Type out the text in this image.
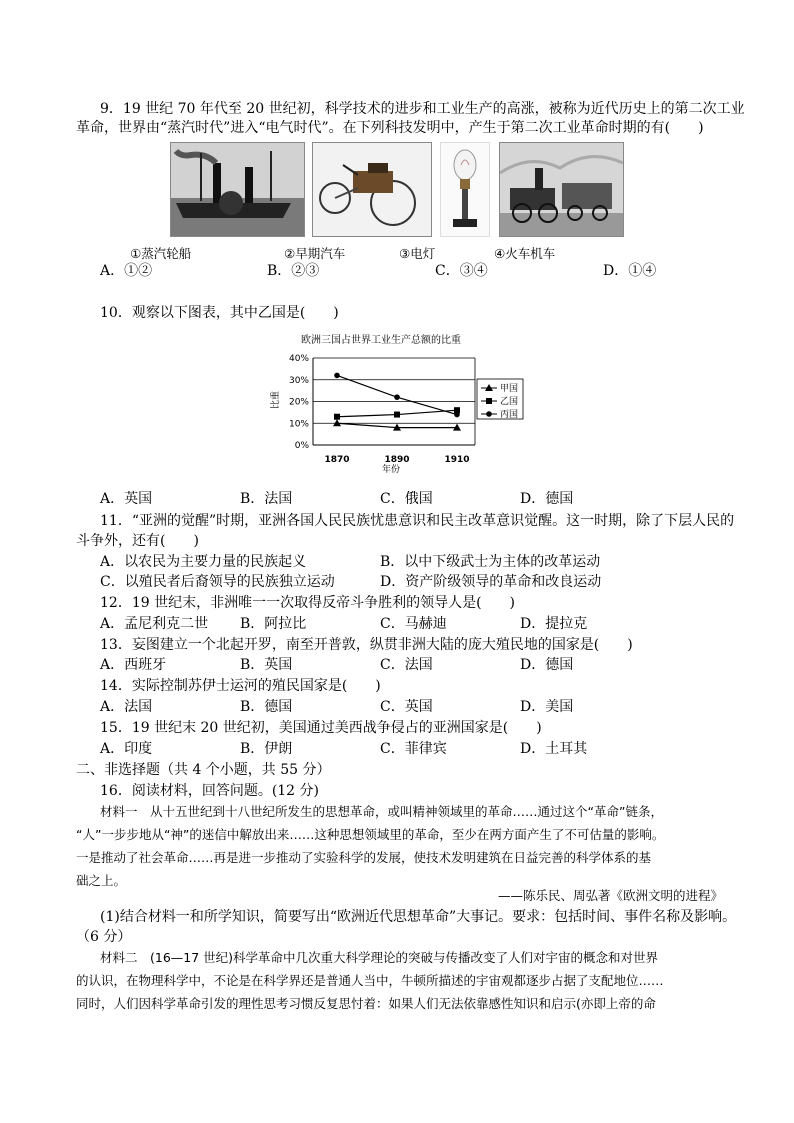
9．19 世纪 70 年代至 20 世纪初，科学技术的进步和工业生产的高涨，被称为近代历史上的第二次工业
革命，世界由“蒸汽时代”进入“电气时代”。在下列科技发明中，产生于第二次工业革命时期的有(　　)
①蒸汽轮船	②早期汽车	③电灯	④火车机车
A．①②	B．②③	C．③④	D．①④
10．观察以下图表，其中乙国是(　　)
欧洲三国占世界工业生产总额的比重
比重
0%
10%
20%
30%
40%
1870	1890	1910
甲国
乙国
丙国
年份
A．英国	B．法国	C．俄国	D．德国
11．“亚洲的觉醒”时期，亚洲各国人民民族忧患意识和民主改革意识觉醒。这一时期，除了下层人民的
斗争外，还有(　　)
A．以农民为主要力量的民族起义	B．以中下级武士为主体的改革运动
C．以殖民者后裔领导的民族独立运动	D．资产阶级领导的革命和改良运动
12．19 世纪末，非洲唯一一次取得反帝斗争胜利的领导人是(　　)
A．孟尼利克二世 B．阿拉比	C．马赫迪	D．提拉克
13．妄图建立一个北起开罗，南至开普敦，纵贯非洲大陆的庞大殖民地的国家是(　　)
A．西班牙	B．英国	C．法国	D．德国
14．实际控制苏伊士运河的殖民国家是(　　)
A．法国	B．德国	C．英国	D．美国
15．19 世纪末 20 世纪初，美国通过美西战争侵占的亚洲国家是(　　)
A．印度	B．伊朗	C．菲律宾	D．土耳其
二、非选择题（共 4 个小题，共 55 分）
16．阅读材料，回答问题。(12 分)
材料一　从十五世纪到十八世纪所发生的思想革命，或叫精神领域里的革命……通过这个“革命”链条，
“人”一步步地从“神”的迷信中解放出来……这种思想领域里的革命，至少在两方面产生了不可估量的影响。
一是推动了社会革命……再是进一步推动了实验科学的发展，使技术发明建筑在日益完善的科学体系的基
础之上。
——陈乐民、周弘著《欧洲文明的进程》
(1)结合材料一和所学知识，简要写出“欧洲近代思想革命”大事记。要求：包括时间、事件名称及影响。
（6 分）
材料二　(16—17 世纪)科学革命中几次重大科学理论的突破与传播改变了人们对宇宙的概念和对世界
的认识，在物理科学中，不论是在科学界还是普通人当中，牛顿所描述的宇宙观都逐步占据了支配地位……
同时，人们因科学革命引发的理性思考习惯反复思忖着：如果人们无法依靠感性知识和启示(亦即上帝的命
